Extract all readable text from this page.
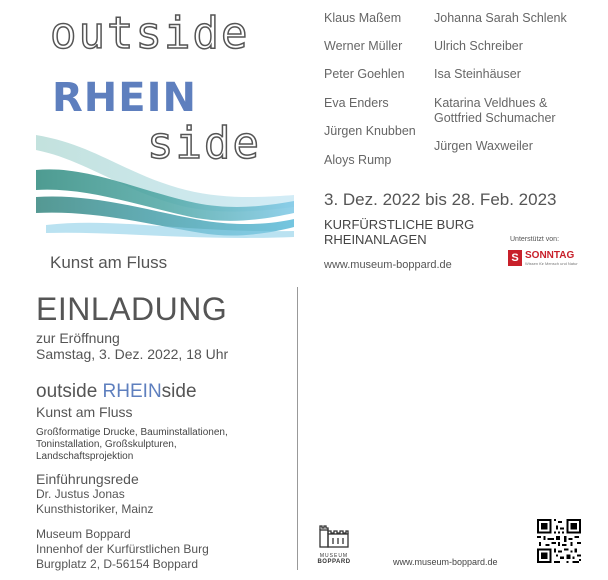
outside
RHEIN
side
Kunst am Fluss
Klaus Maßem
Werner Müller
Peter Goehlen
Eva Enders
Jürgen Knubben
Aloys Rump
Johanna Sarah Schlenk
Ulrich Schreiber
Isa Steinhäuser
Katarina Veldhues &
Gottfried Schumacher
Jürgen Waxweiler
3. Dez. 2022 bis 28. Feb. 2023
KURFÜRSTLICHE BURG
RHEINANLAGEN
www.museum-boppard.de
Unterstützt von:
S SONNTAG
Wissen für Mensch und Natur
EINLADUNG
zur Eröffnung
Samstag, 3. Dez. 2022, 18 Uhr
outside RHEINside
Kunst am Fluss
Großformatige Drucke, Bauminstallationen,
Toninstallation, Großskulpturen,
Landschaftsprojektion
Einführungsrede
Dr. Justus Jonas
Kunsthistoriker, Mainz
Museum Boppard
Innenhof der Kurfürstlichen Burg
Burgplatz 2, D-56154 Boppard
MUSEUM
BOPPARD	www.museum-boppard.de
